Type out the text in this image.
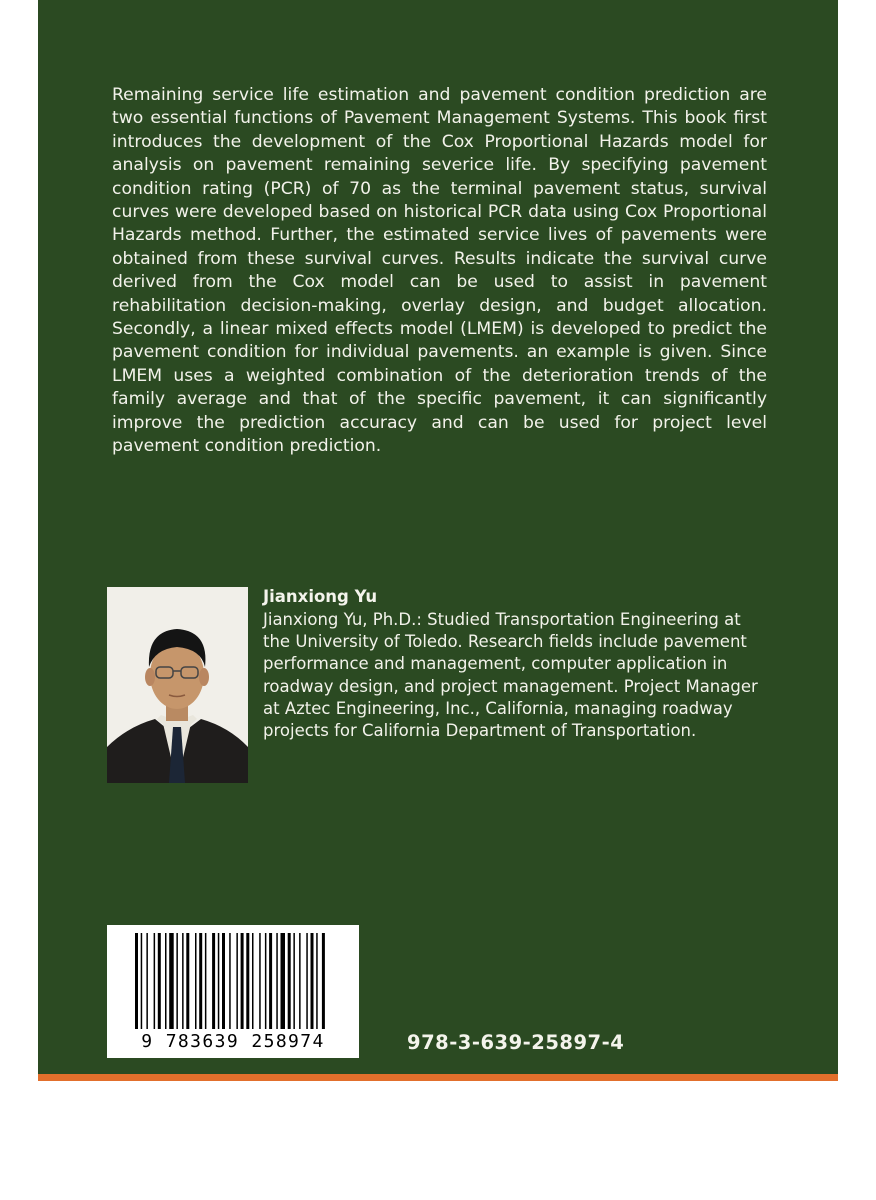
Remaining service life estimation and pavement condition prediction are two essential functions of Pavement Management Systems. This book first introduces the development of the Cox Proportional Hazards model for analysis on pavement remaining severice life. By specifying pavement condition rating (PCR) of 70 as the terminal pavement status, survival curves were developed based on historical PCR data using Cox Proportional Hazards method. Further, the estimated service lives of pavements were obtained from these survival curves. Results indicate the survival curve derived from the Cox model can be used to assist in pavement rehabilitation decision-making, overlay design, and budget allocation. Secondly, a linear mixed effects model (LMEM) is developed to predict the pavement condition for individual pavements. an example is given. Since LMEM uses a weighted combination of the deterioration trends of the family average and that of the specific pavement, it can significantly improve the prediction accuracy and can be used for project level pavement condition prediction.

Jianxiong Yu

Jianxiong Yu, Ph.D.: Studied Transportation Engineering at the University of Toledo. Research fields include pavement performance and management, computer application in roadway design, and project management. Project Manager at Aztec Engineering, Inc., California, managing roadway projects for California Department of Transportation.

9 783639 258974	978-3-639-25897-4
